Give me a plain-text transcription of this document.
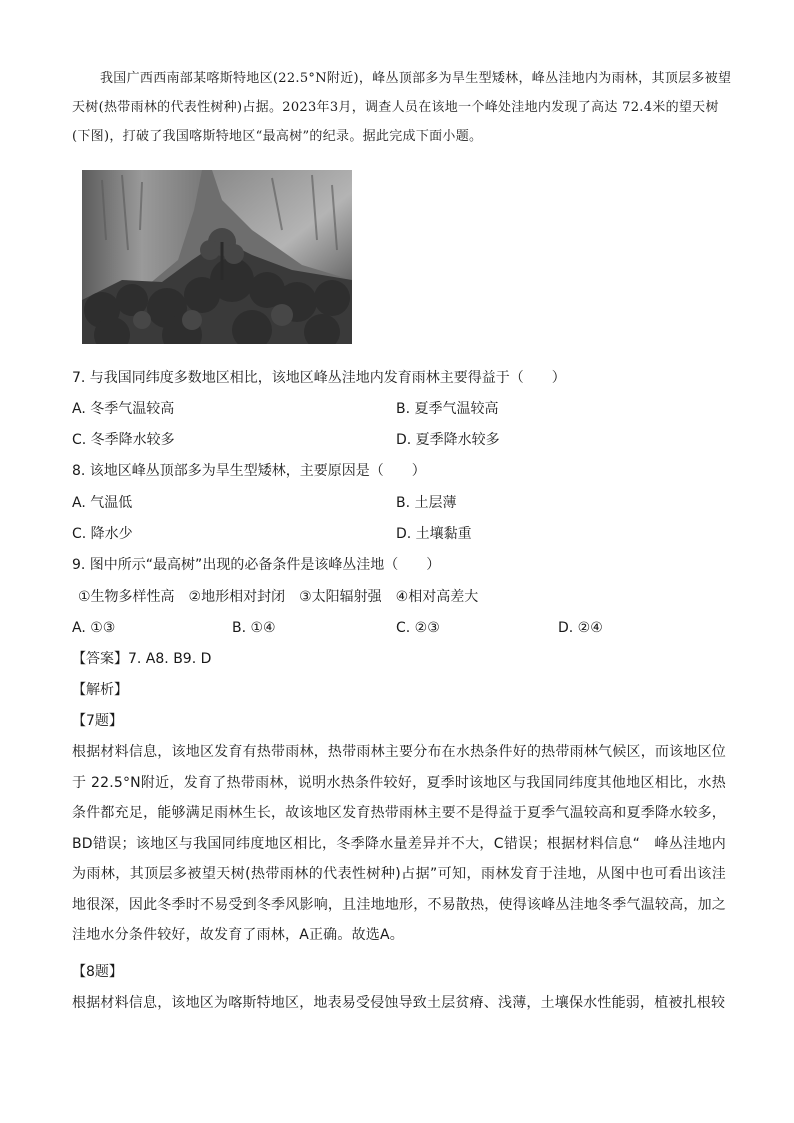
我国广西西南部某喀斯特地区(22.5°N附近)，峰丛顶部多为旱生型矮林，峰丛洼地内为雨林，其顶层多被望天树(热带雨林的代表性树种)占据。2023年3月，调查人员在该地一个峰处洼地内发现了高达 72.4米的望天树(下图)，打破了我国喀斯特地区“最高树”的纪录。据此完成下面小题。

7. 与我国同纬度多数地区相比，该地区峰丛洼地内发育雨林主要得益于（　　）

A. 冬季气温较高	B. 夏季气温较高
C. 冬季降水较多	D. 夏季降水较多

8. 该地区峰丛顶部多为旱生型矮林，主要原因是（　　）

A. 气温低	B. 土层薄
C. 降水少	D. 土壤黏重

9. 图中所示“最高树”出现的必备条件是该峰丛洼地（　　）

①生物多样性高　②地形相对封闭　③太阳辐射强　④相对高差大

A. ①③	B. ①④	C. ②③	D. ②④

【答案】7. A8. B9. D

【解析】

【7题】

根据材料信息，该地区发育有热带雨林，热带雨林主要分布在水热条件好的热带雨林气候区，而该地区位于 22.5°N附近，发育了热带雨林，说明水热条件较好，夏季时该地区与我国同纬度其他地区相比，水热条件都充足，能够满足雨林生长，故该地区发育热带雨林主要不是得益于夏季气温较高和夏季降水较多，BD错误；该地区与我国同纬度地区相比，冬季降水量差异并不大，C错误；根据材料信息“　峰丛洼地内为雨林，其顶层多被望天树(热带雨林的代表性树种)占据”可知，雨林发育于洼地，从图中也可看出该洼地很深，因此冬季时不易受到冬季风影响，且洼地地形，不易散热，使得该峰丛洼地冬季气温较高，加之洼地水分条件较好，故发育了雨林，A正确。故选A。

【8题】

根据材料信息，该地区为喀斯特地区，地表易受侵蚀导致土层贫瘠、浅薄，土壤保水性能弱，植被扎根较
